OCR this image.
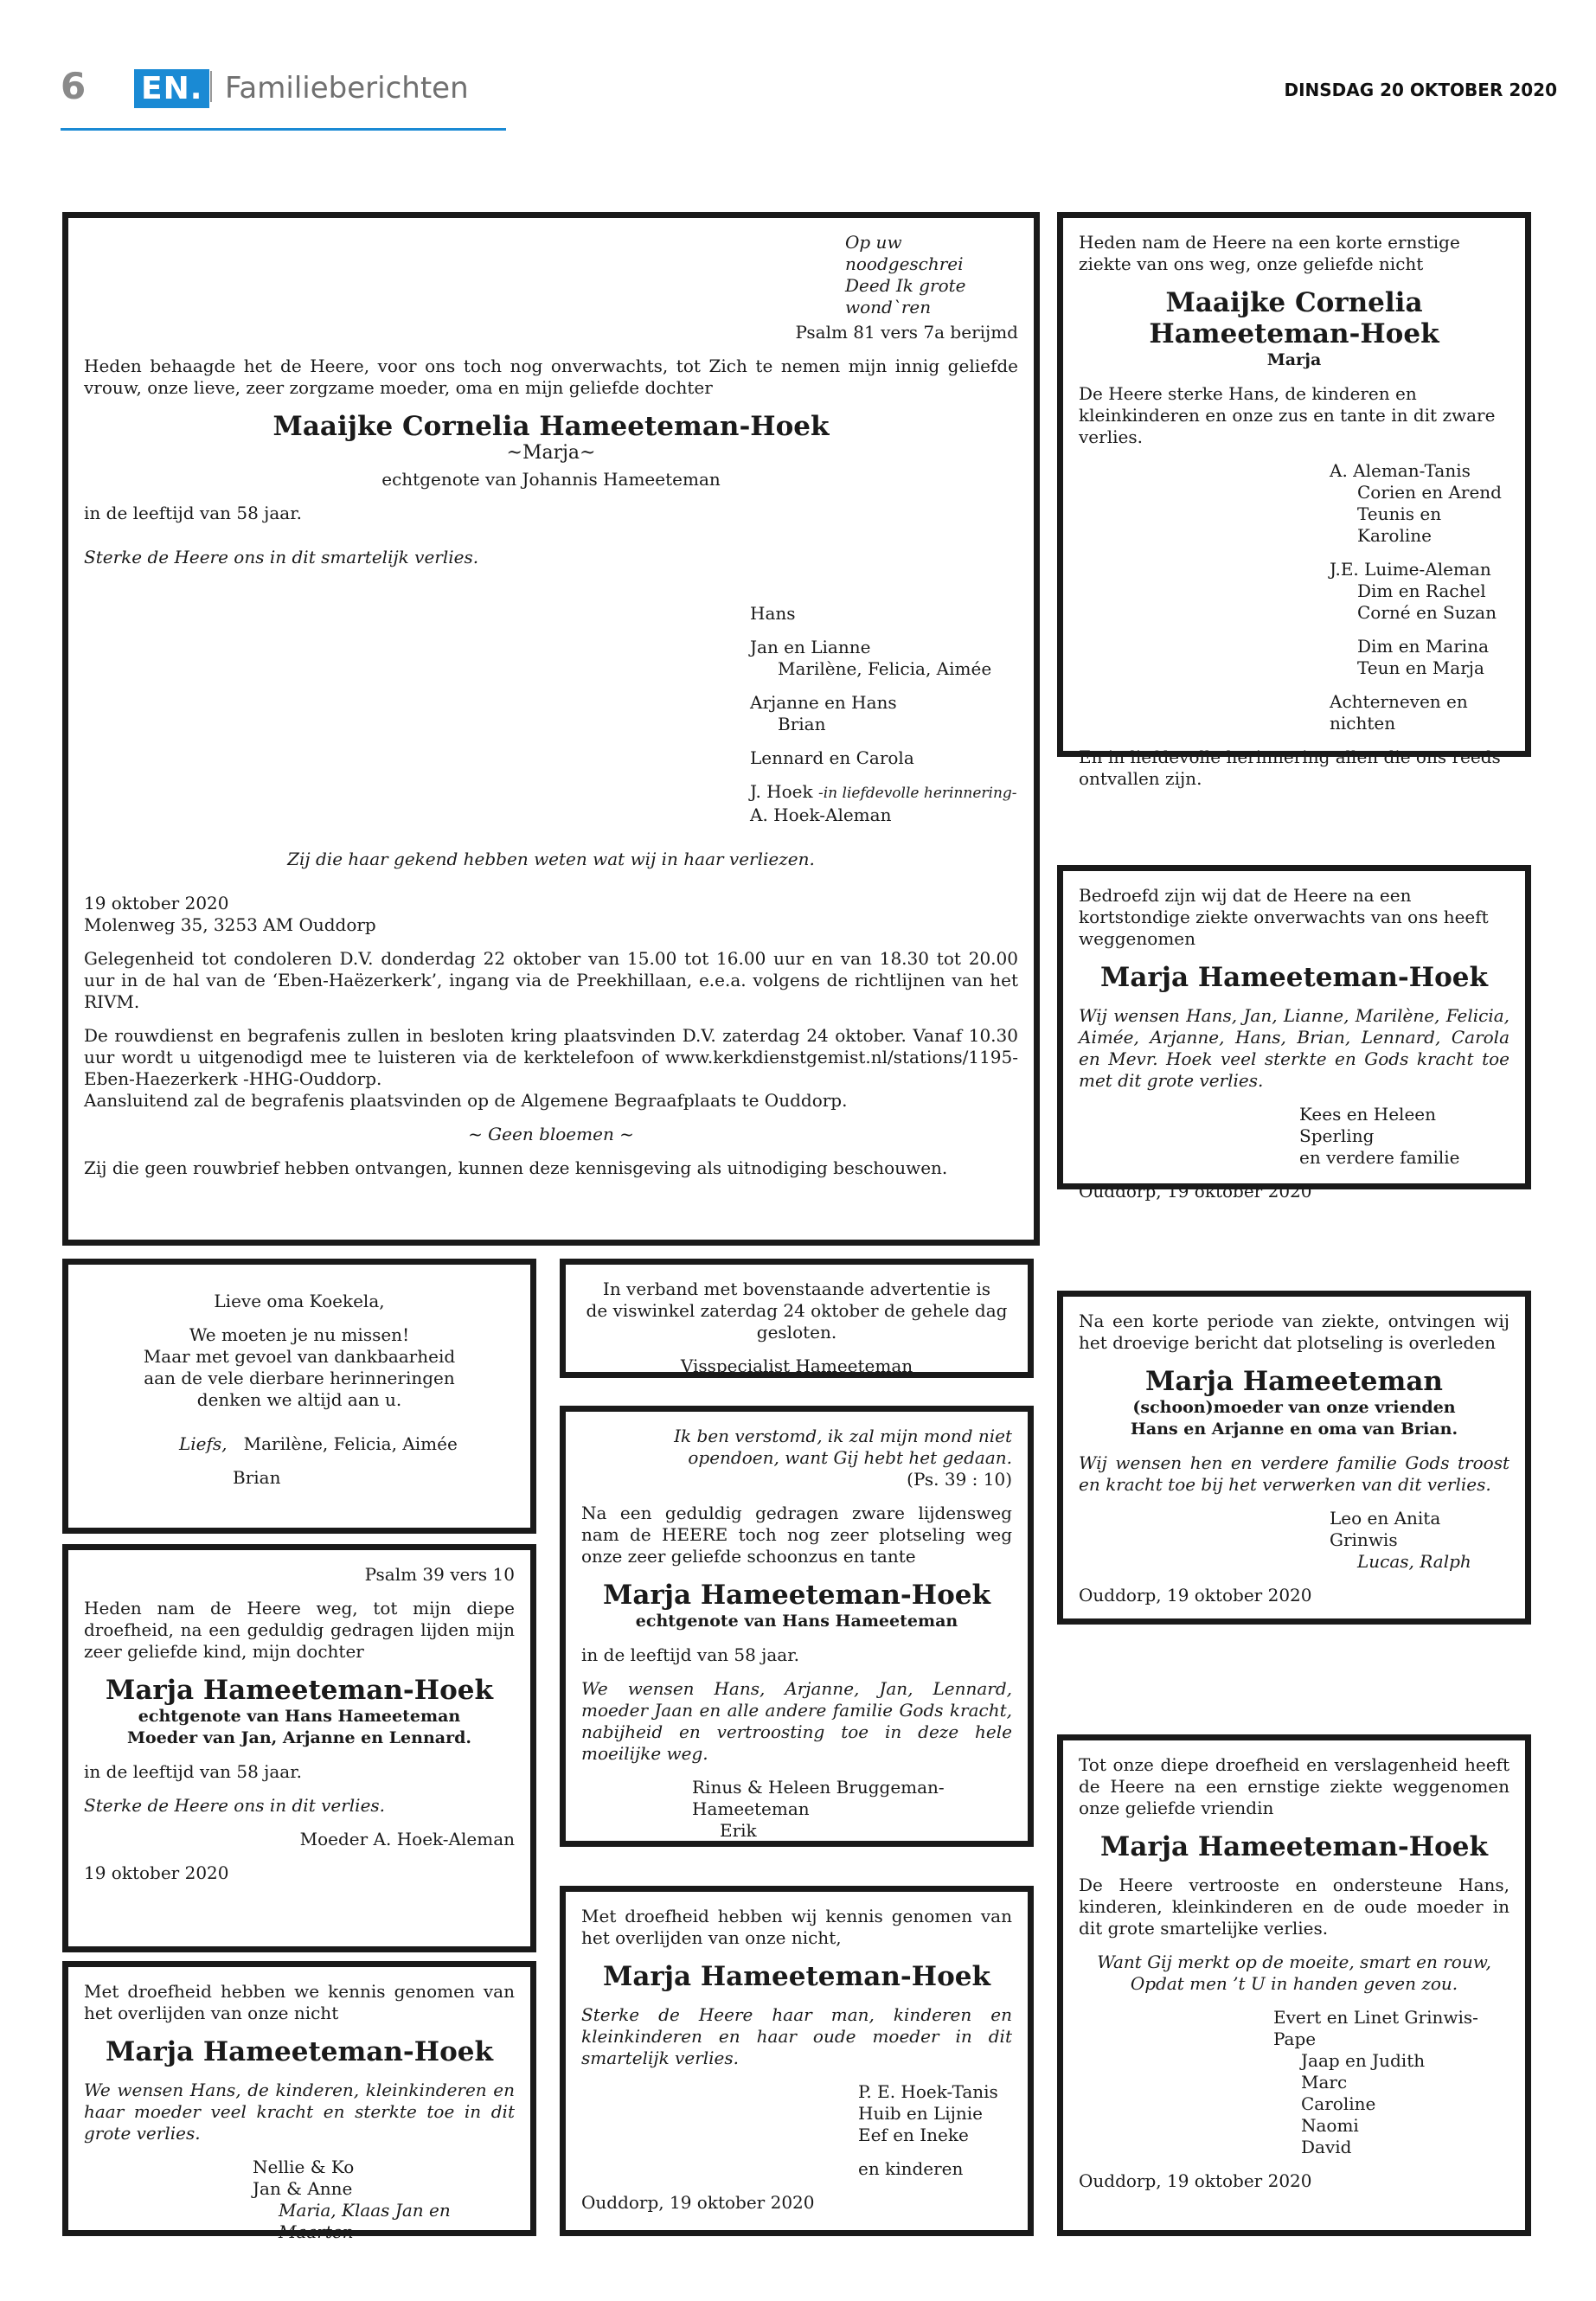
6 EN. Familieberichten	DINSDAG 20 OKTOBER 2020

Op uw noodgeschrei

Deed Ik grote wond`ren

Psalm 81 vers 7a berijmd

Heden behaagde het de Heere, voor ons toch nog onverwachts, tot Zich te nemen mijn innig geliefde vrouw, onze lieve, zeer zorgzame moeder, oma en mijn geliefde dochter

Maaijke Cornelia Hameeteman-Hoek

~Marja~

echtgenote van Johannis Hameeteman

in de leeftijd van 58 jaar.

Sterke de Heere ons in dit smartelijk verlies.

Hans

Jan en Lianne

Marilène, Felicia, Aimée

Arjanne en Hans

Brian

Lennard en Carola

J. Hoek -in liefdevolle herinnering-

A. Hoek-Aleman

Zij die haar gekend hebben weten wat wij in haar verliezen.

19 oktober 2020

Molenweg 35, 3253 AM Ouddorp

Gelegenheid tot condoleren D.V. donderdag 22 oktober van 15.00 tot 16.00 uur en van 18.30 tot 20.00 uur in de hal van de ‘Eben-Haëzerkerk’, ingang via de Preekhillaan, e.e.a. volgens de richtlijnen van het RIVM.

De rouwdienst en begrafenis zullen in besloten kring plaatsvinden D.V. zaterdag 24 oktober. Vanaf 10.30 uur wordt u uitgenodigd mee te luisteren via de kerktelefoon of www.kerkdienstgemist.nl/stations/1195-Eben-Haezerkerk -HHG-Ouddorp.

Aansluitend zal de begrafenis plaatsvinden op de Algemene Begraafplaats te Ouddorp.

~ Geen bloemen ~

Zij die geen rouwbrief hebben ontvangen, kunnen deze kennisgeving als uitnodiging beschouwen.

Heden nam de Heere na een korte ernstige ziekte van ons weg, onze geliefde nicht

Maaijke Cornelia

Hameeteman-Hoek

Marja

De Heere sterke Hans, de kinderen en kleinkinderen en onze zus en tante in dit zware verlies.

A. Aleman-Tanis

Corien en Arend

Teunis en Karoline

J.E. Luime-Aleman

Dim en Rachel

Corné en Suzan

Dim en Marina

Teun en Marja

Achterneven en nichten

En in liefdevolle herinnering allen die ons reeds ontvallen zijn.

Bedroefd zijn wij dat de Heere na een kortstondige ziekte onverwachts van ons heeft weggenomen

Marja Hameeteman-Hoek

Wij wensen Hans, Jan, Lianne, Marilène, Felicia, Aimée, Arjanne, Hans, Brian, Lennard, Carola en Mevr. Hoek veel sterkte en Gods kracht toe met dit grote verlies.

Kees en Heleen Sperling

en verdere familie

Ouddorp, 19 oktober 2020

Lieve oma Koekela,

We moeten je nu missen!

Maar met gevoel van dankbaarheid

aan de vele dierbare herinneringen

denken we altijd aan u.

Liefs, Marilène, Felicia, Aimée

Brian

In verband met bovenstaande advertentie is

de viswinkel zaterdag 24 oktober de gehele dag gesloten.

Visspecialist Hameeteman

Na een korte periode van ziekte, ontvingen wij het droevige bericht dat plotseling is overleden

Marja Hameeteman

(schoon)moeder van onze vrienden

Hans en Arjanne en oma van Brian.

Wij wensen hen en verdere familie Gods troost en kracht toe bij het verwerken van dit verlies.

Leo en Anita Grinwis

Lucas, Ralph

Ouddorp, 19 oktober 2020

Psalm 39 vers 10

Heden nam de Heere weg, tot mijn diepe droefheid, na een geduldig gedragen lijden mijn zeer geliefde kind, mijn dochter

Marja Hameeteman-Hoek

echtgenote van Hans Hameeteman

Moeder van Jan, Arjanne en Lennard.

in de leeftijd van 58 jaar.

Sterke de Heere ons in dit verlies.

Moeder A. Hoek-Aleman

19 oktober 2020

Ik ben verstomd, ik zal mijn mond niet

opendoen, want Gij hebt het gedaan.

(Ps. 39 : 10)

Na een geduldig gedragen zware lijdensweg nam de HEERE toch nog zeer plotseling weg onze zeer geliefde schoonzus en tante

Marja Hameeteman-Hoek

echtgenote van Hans Hameeteman

in de leeftijd van 58 jaar.

We wensen Hans, Arjanne, Jan, Lennard, moeder Jaan en alle andere familie Gods kracht, nabijheid en vertroosting toe in deze hele moeilijke weg.

Rinus & Heleen Bruggeman-Hameeteman

Erik

Tot onze diepe droefheid en verslagenheid heeft de Heere na een ernstige ziekte weggenomen onze geliefde vriendin

Marja Hameeteman-Hoek

De Heere vertrooste en ondersteune Hans, kinderen, kleinkinderen en de oude moeder in dit grote smartelijke verlies.

Want Gij merkt op de moeite, smart en rouw,

Opdat men ’t U in handen geven zou.

Evert en Linet Grinwis-Pape

Jaap en Judith

Marc

Caroline

Naomi

David

Ouddorp, 19 oktober 2020

Met droefheid hebben we kennis genomen van het overlijden van onze nicht

Marja Hameeteman-Hoek

We wensen Hans, de kinderen, kleinkinderen en haar moeder veel kracht en sterkte toe in dit grote verlies.

Nellie & Ko

Jan & Anne

Maria, Klaas Jan en Maarten

Met droefheid hebben wij kennis genomen van het overlijden van onze nicht,

Marja Hameeteman-Hoek

Sterke de Heere haar man, kinderen en kleinkinderen en haar oude moeder in dit smartelijk verlies.

P. E. Hoek-Tanis

Huib en Lijnie

Eef en Ineke

en kinderen

Ouddorp, 19 oktober 2020
